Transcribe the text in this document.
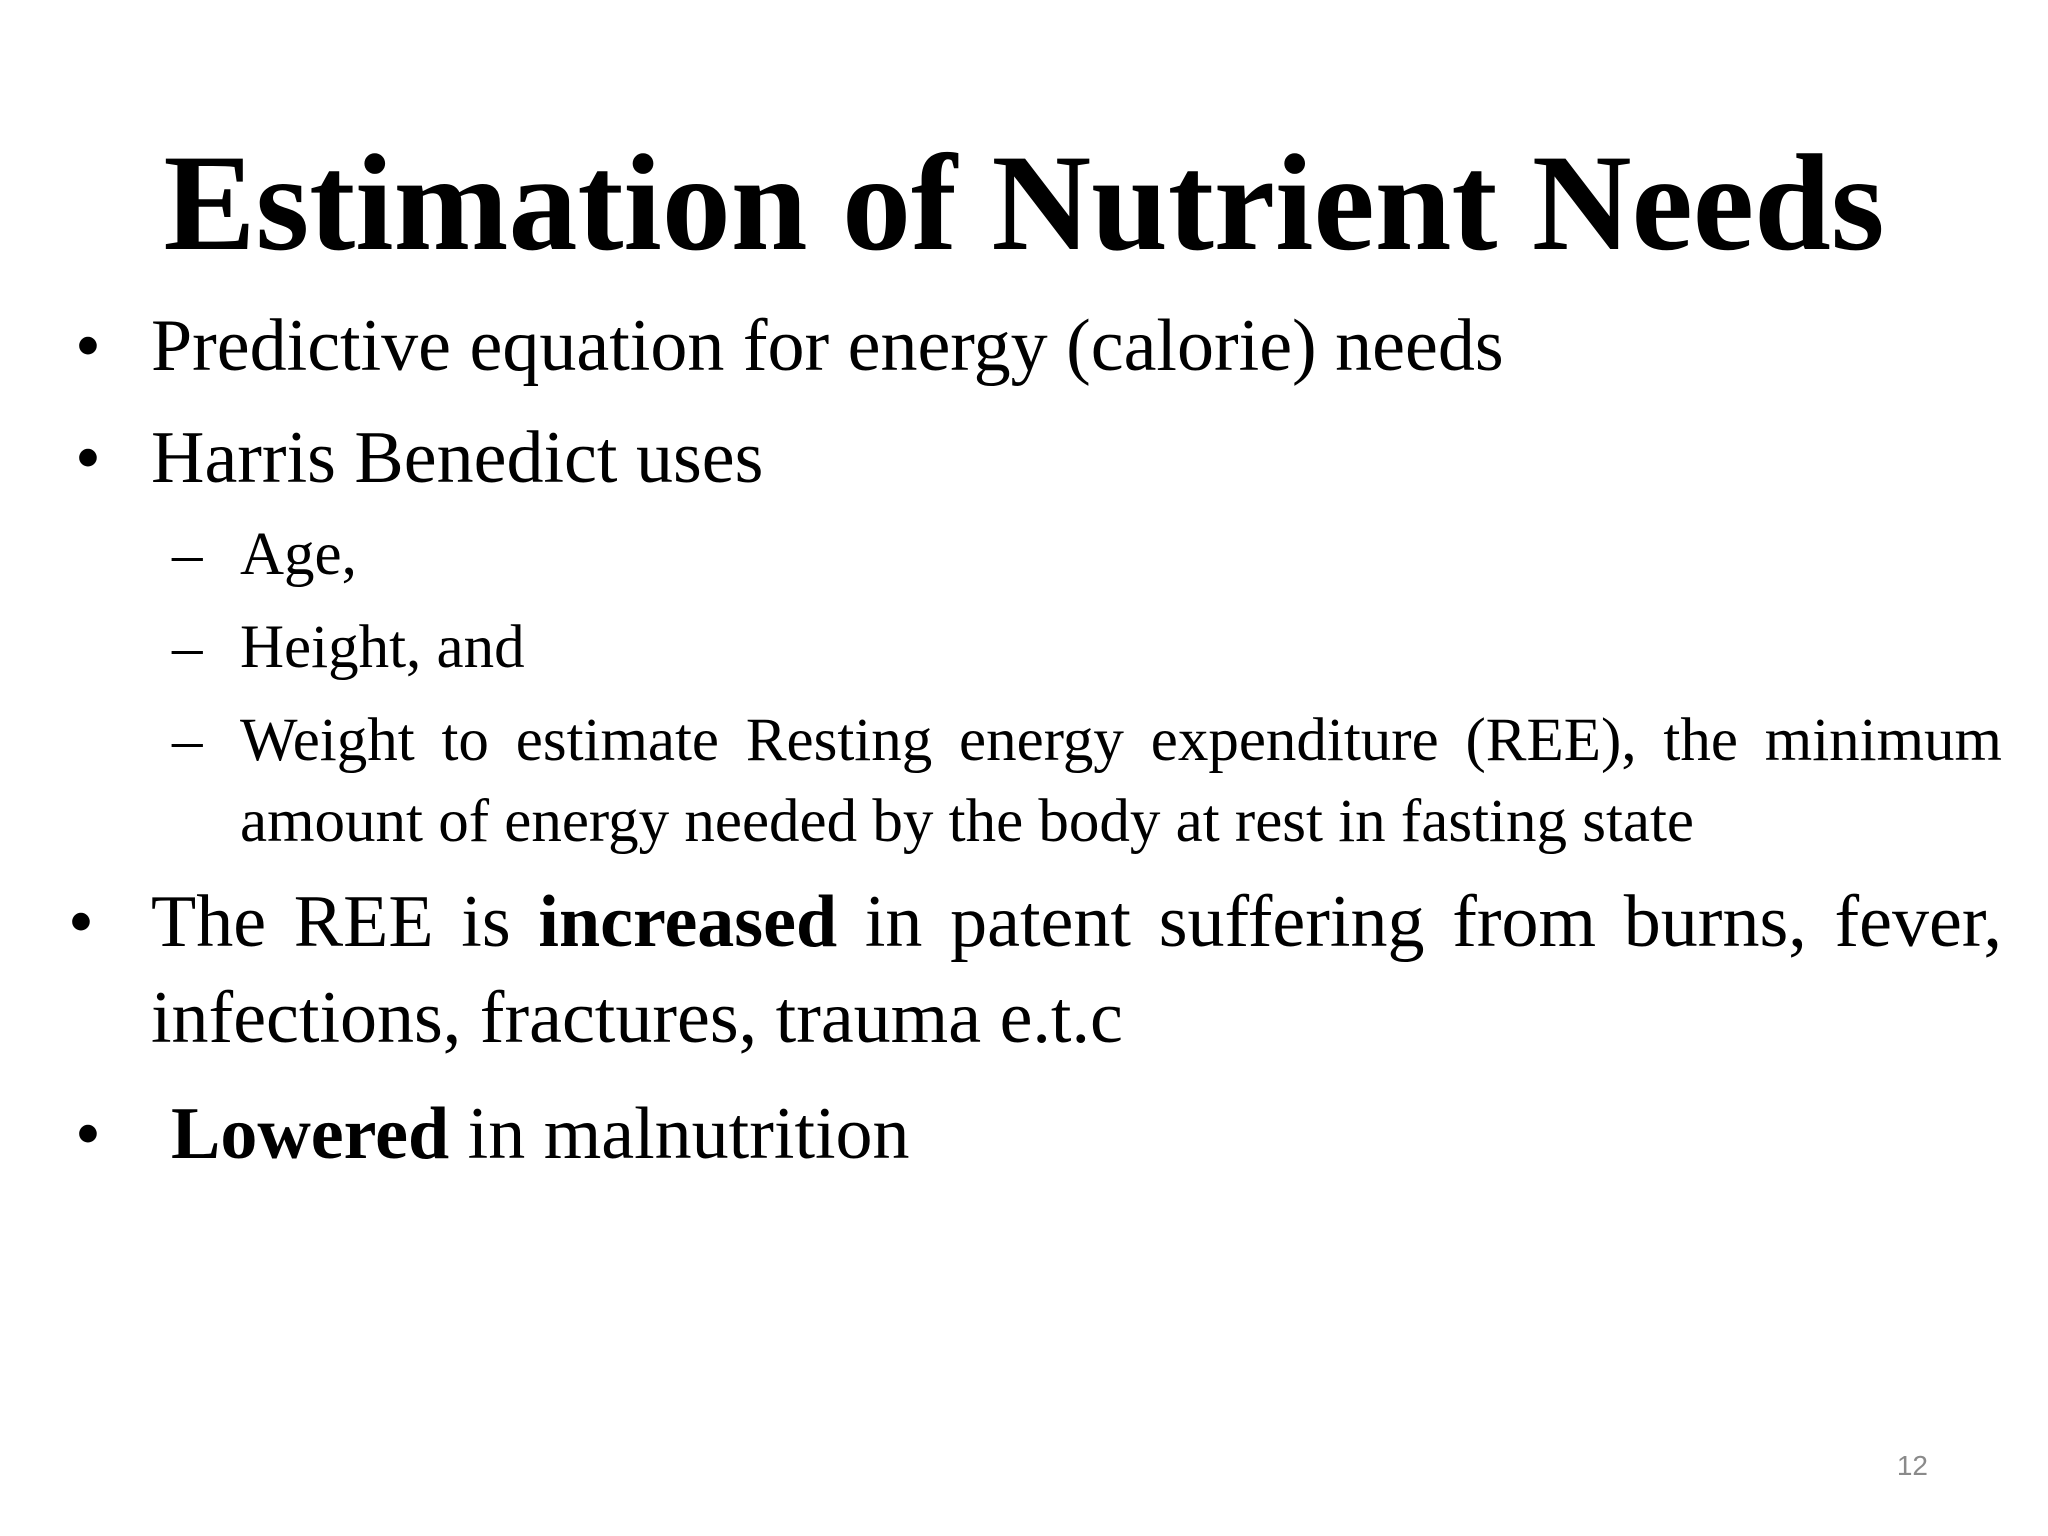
Estimation of Nutrient Needs

• Predictive equation for energy (calorie) needs

• Harris Benedict uses

– Age,

– Height, and

– Weight to estimate Resting energy expenditure (REE), the minimum amount of energy needed by the body at rest in fasting state

• The REE is increased in patent suffering from burns, fever, infections, fractures, trauma e.t.c

• Lowered in malnutrition

12
